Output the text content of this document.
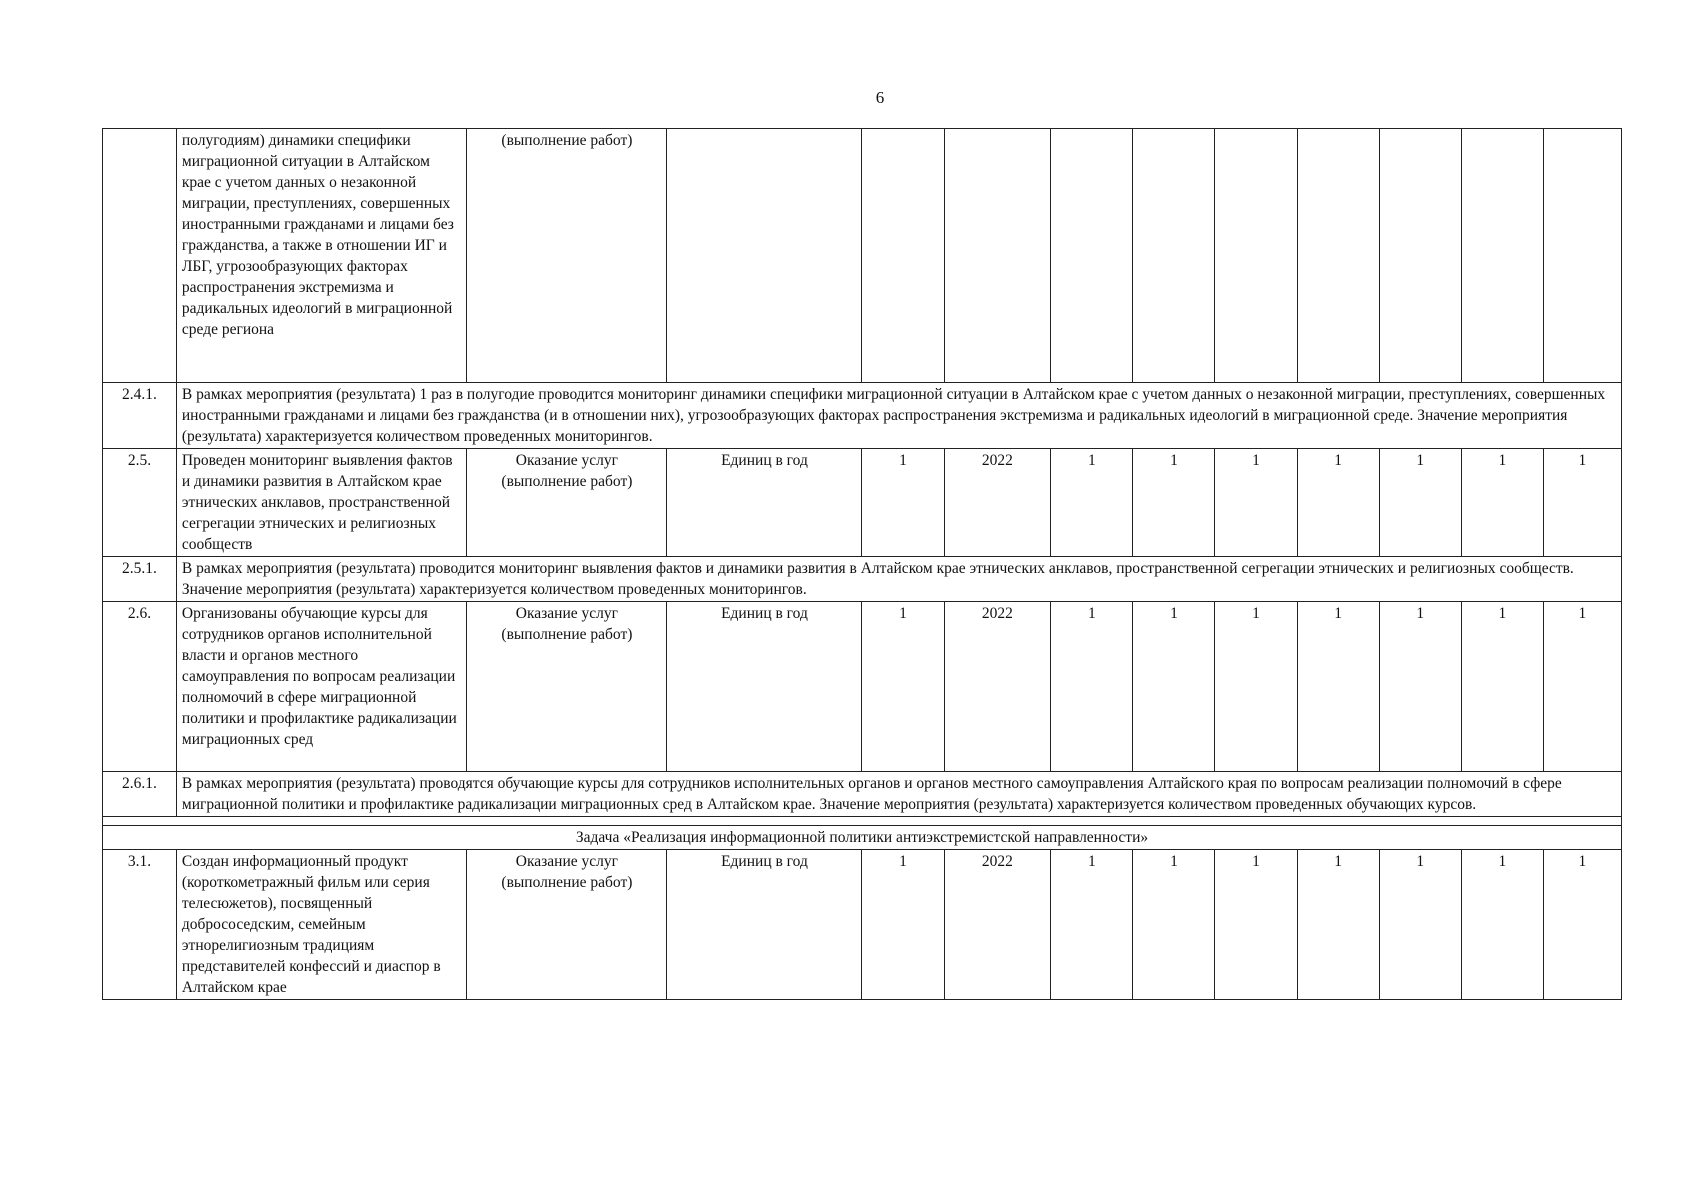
6
	полугодиям) динамики специфики миграционной ситуации в Алтайском крае с учетом данных о незаконной миграции, преступлениях, совершенных иностранными гражданами и лицами без гражданства, а также в отношении ИГ и ЛБГ, угрозообразующих факторах распространения экстремизма и радикальных идеологий в миграционной среде региона	(выполнение работ)										
2.4.1.	В рамках мероприятия (результата) 1 раз в полугодие проводится мониторинг динамики специфики миграционной ситуации в Алтайском крае с учетом данных о незаконной миграции, преступлениях, совершенных иностранными гражданами и лицами без гражданства (и в отношении них), угрозообразующих факторах распространения экстремизма и радикальных идеологий в миграционной среде. Значение мероприятия (результата) характеризуется количеством проведенных мониторингов.											
2.5.	Проведен мониторинг выявления фактов и динамики развития в Алтайском крае этнических анклавов, пространственной сегрегации этнических и религиозных сообществ	Оказание услуг (выполнение работ)	Единиц в год	1	2022	1	1	1	1	1	1	1
2.5.1.	В рамках мероприятия (результата) проводится мониторинг выявления фактов и динамики развития в Алтайском крае этнических анклавов, пространственной сегрегации этнических и религиозных сообществ. Значение мероприятия (результата) характеризуется количеством проведенных мониторингов.											
2.6.	Организованы обучающие курсы для сотрудников органов исполнительной власти и органов местного самоуправления по вопросам реализации полномочий в сфере миграционной политики и профилактике радикализации миграционных сред	Оказание услуг (выполнение работ)	Единиц в год	1	2022	1	1	1	1	1	1	1
2.6.1.	В рамках мероприятия (результата) проводятся обучающие курсы для сотрудников исполнительных органов и органов местного самоуправления Алтайского края по вопросам реализации полномочий в сфере миграционной политики и профилактике радикализации миграционных сред в Алтайском крае. Значение мероприятия (результата) характеризуется количеством проведенных обучающих курсов.											

Задача «Реализация информационной политики антиэкстремистской направленности»												
3.1.	Создан информационный продукт (короткометражный фильм или серия телесюжетов), посвященный добрососедским, семейным этнорелигиозным традициям представителей конфессий и диаспор в Алтайском крае	Оказание услуг (выполнение работ)	Единиц в год	1	2022	1	1	1	1	1	1	1
